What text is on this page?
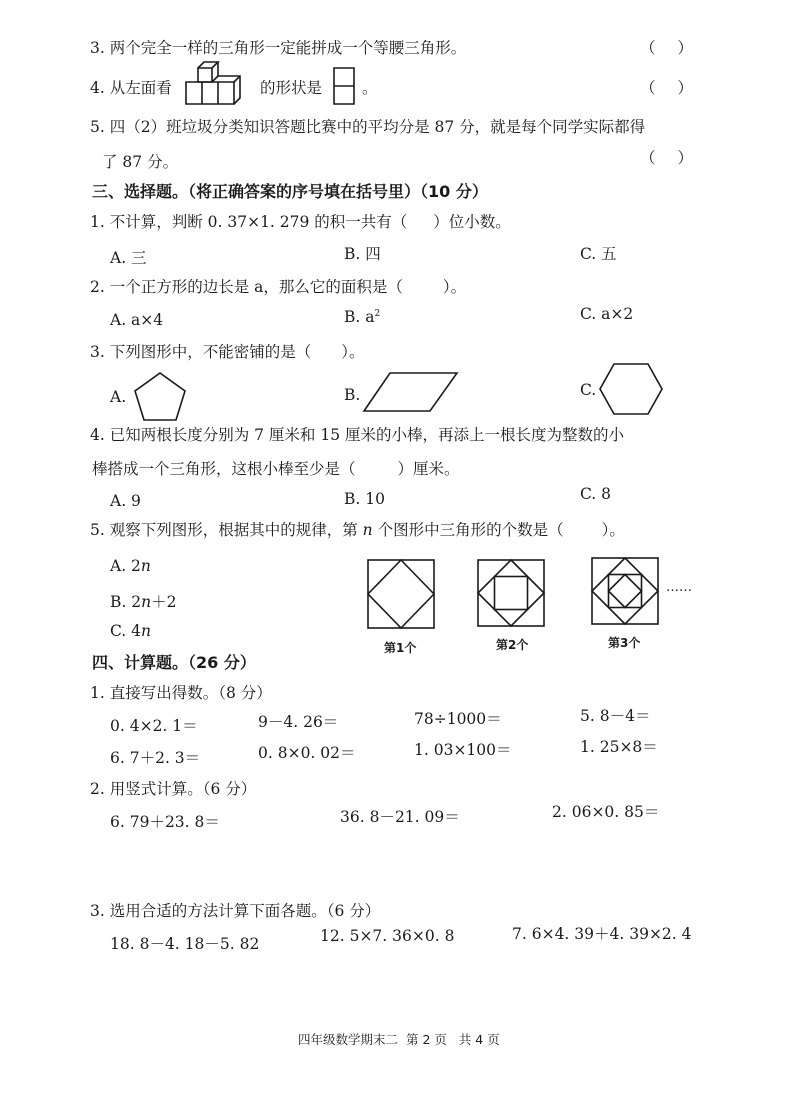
3. 两个完全一样的三角形一定能拼成一个等腰三角形。	（ ）
4. 从左面看	的形状是	。	（ ）
5. 四（2）班垃圾分类知识答题比赛中的平均分是 87 分，就是每个同学实际都得
了 87 分。	（ ）
三、选择题。（将正确答案的序号填在括号里）（10 分）
1. 不计算，判断 0. 37×1. 279 的积一共有（ ）位小数。
A. 三	B. 四	C. 五
2. 一个正方形的边长是 a，那么它的面积是（	）。
A. a×4	B. $a^2$	C. a×2
3. 下列图形中，不能密铺的是（ ）。
A.	B.	C.
4. 已知两根长度分别为 7 厘米和 15 厘米的小棒，再添上一根长度为整数的小
棒搭成一个三角形，这根小棒至少是（	）厘米。
A. 9	B. 10	C. 8
5. 观察下列图形，根据其中的规律，第 n 个图形中三角形的个数是（ ）。
A. 2n
B. 2n＋2
C. 4n
第1个	第2个	第3个
……
四、计算题。（26 分）
1. 直接写出得数。（8 分）
0. 4×2. 1＝	9－4. 26＝	78÷1000＝	5. 8－4＝
6. 7＋2. 3＝	0. 8×0. 02＝	1. 03×100＝	1. 25×8＝
2. 用竖式计算。（6 分）
6. 79＋23. 8＝	36. 8－21. 09＝	2. 06×0. 85＝
3. 选用合适的方法计算下面各题。（6 分）
18. 8－4. 18－5. 82	12. 5×7. 36×0. 8	7. 6×4. 39＋4. 39×2. 4
四年级数学期末二 第 2 页 共 4 页
